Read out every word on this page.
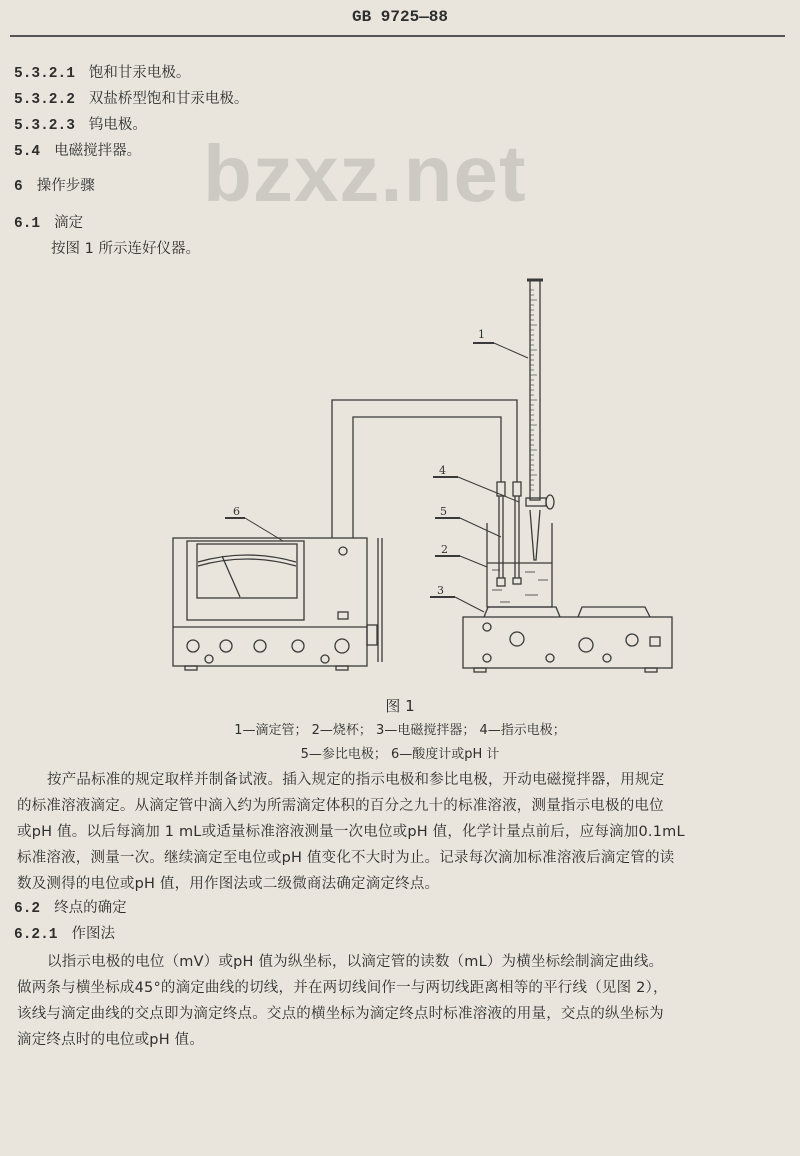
GB 9725—88
bzxz.net
5.3.2.1 饱和甘汞电极。
5.3.2.2 双盐桥型饱和甘汞电极。
5.3.2.3 钨电极。
5.4 电磁搅拌器。
6 操作步骤
6.1 滴定
按图 1 所示连好仪器。
1
2
3
4
5
6
图 1
1—滴定管； 2—烧杯； 3—电磁搅拌器； 4—指示电极；
5—参比电极； 6—酸度计或pH 计
按产品标准的规定取样并制备试液。插入规定的指示电极和参比电极，开动电磁搅拌器，用规定
的标准溶液滴定。从滴定管中滴入约为所需滴定体积的百分之九十的标准溶液，测量指示电极的电位
或pH 值。以后每滴加 1 mL或适量标准溶液测量一次电位或pH 值，化学计量点前后，应每滴加0.1mL
标准溶液，测量一次。继续滴定至电位或pH 值变化不大时为止。记录每次滴加标准溶液后滴定管的读
数及测得的电位或pH 值，用作图法或二级微商法确定滴定终点。
6.2 终点的确定
6.2.1 作图法
以指示电极的电位（mV）或pH 值为纵坐标，以滴定管的读数（mL）为横坐标绘制滴定曲线。
做两条与横坐标成45°的滴定曲线的切线，并在两切线间作一与两切线距离相等的平行线（见图 2），
该线与滴定曲线的交点即为滴定终点。交点的横坐标为滴定终点时标准溶液的用量，交点的纵坐标为
滴定终点时的电位或pH 值。
